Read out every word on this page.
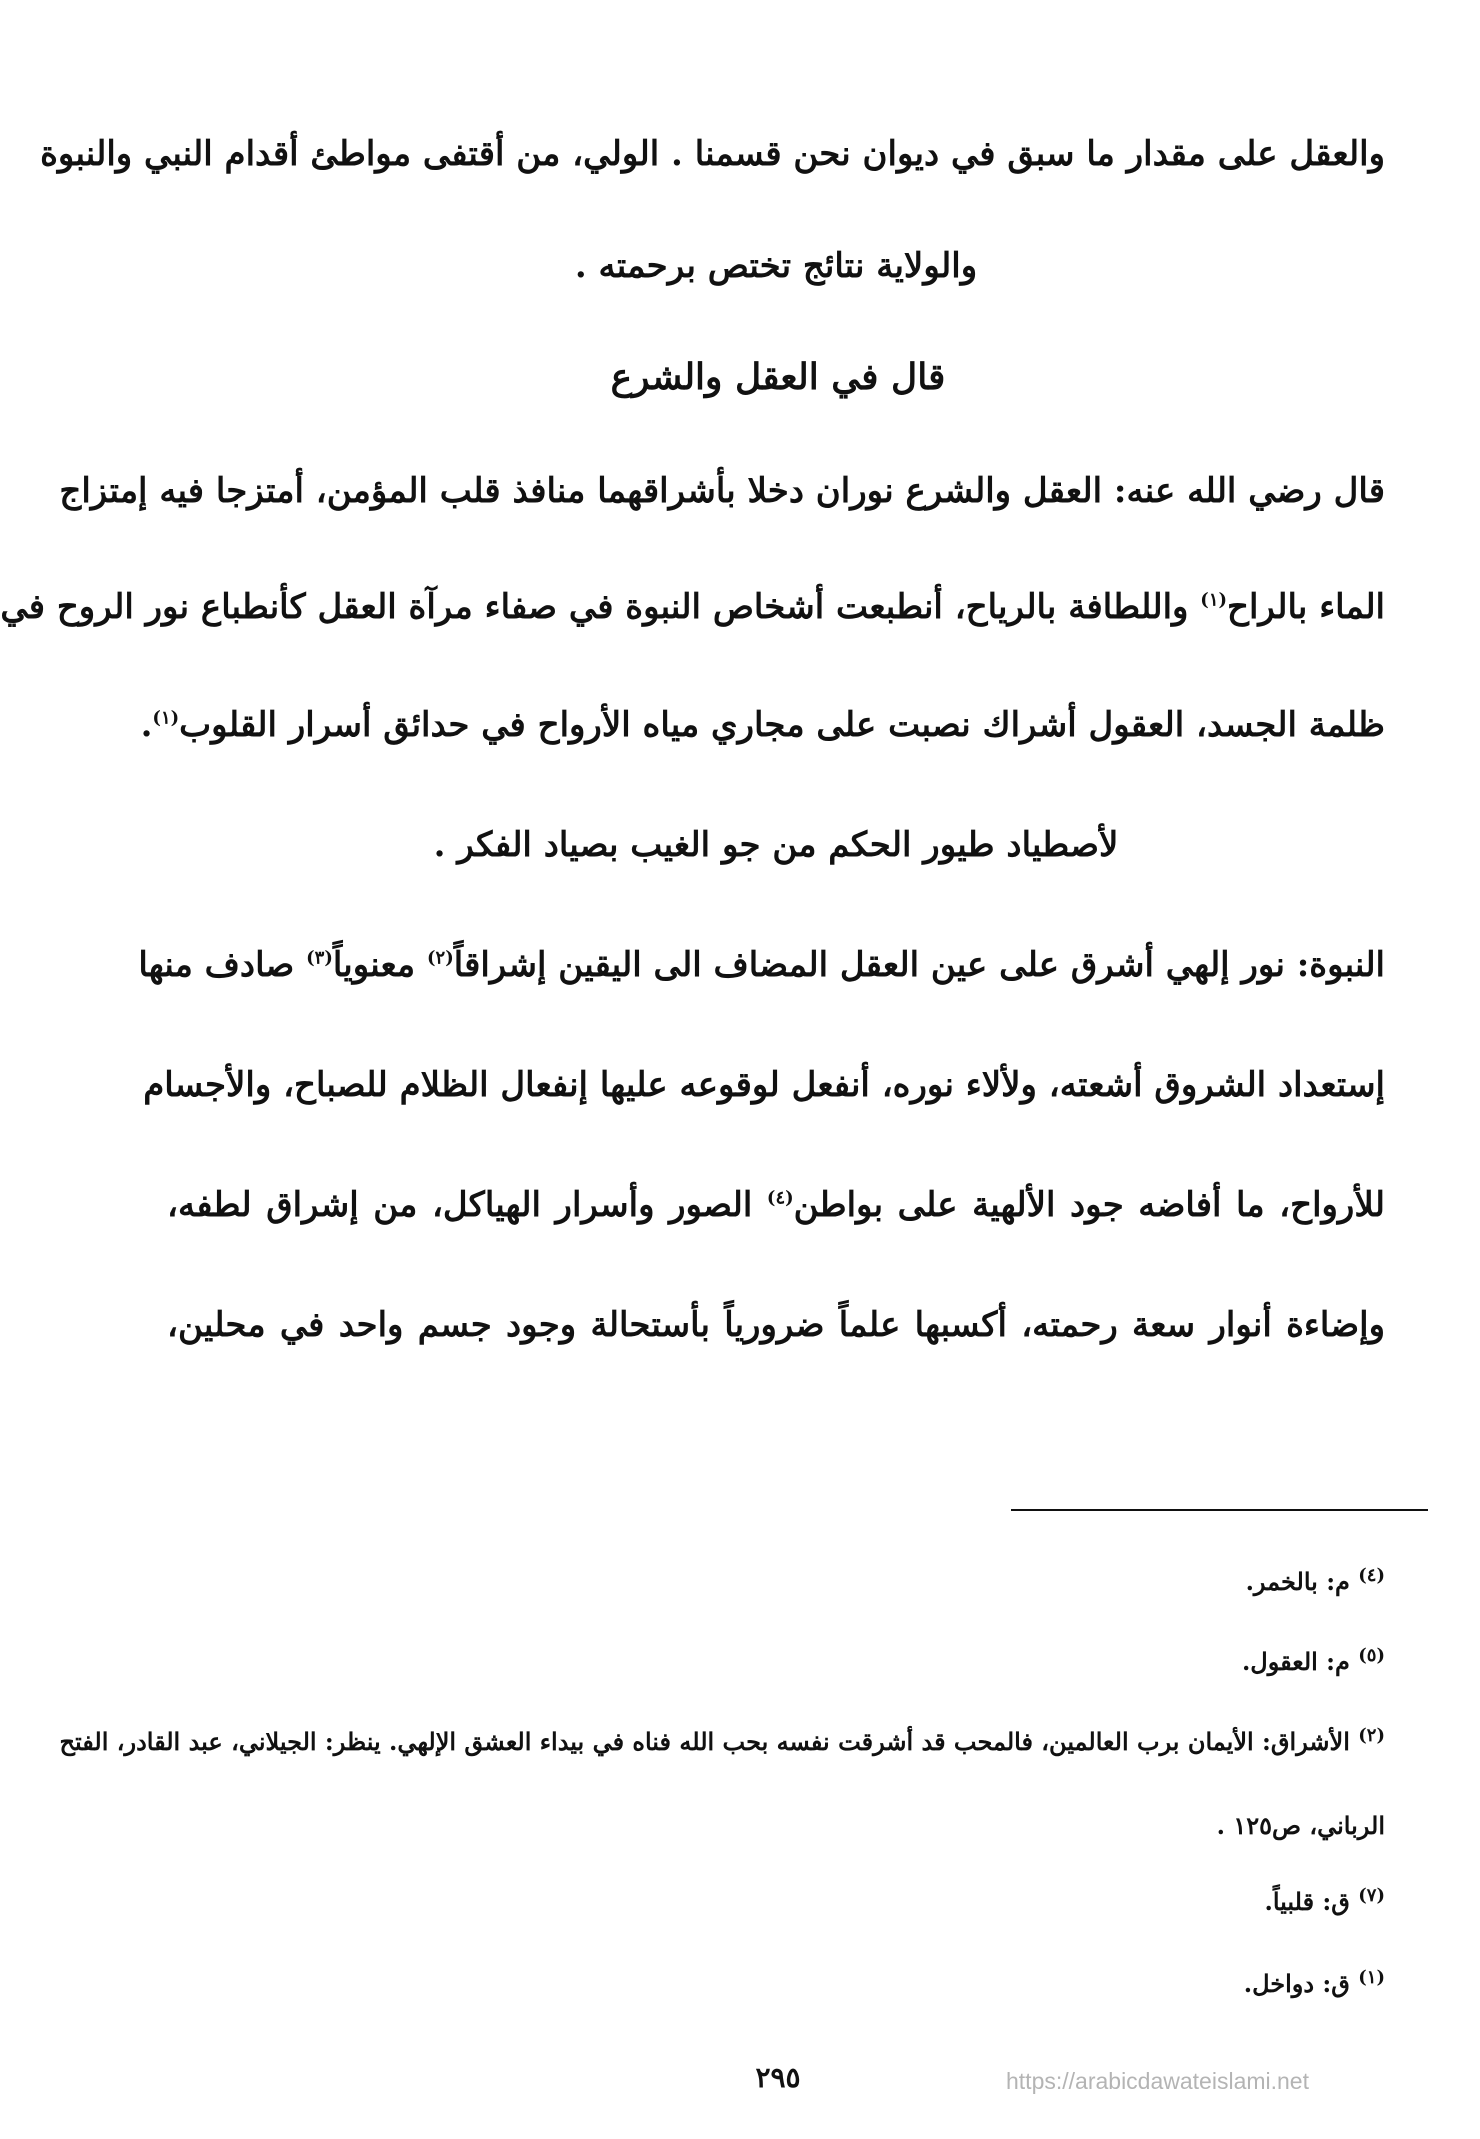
والعقل على مقدار ما سبق في ديوان نحن قسمنا . الولي، من أقتفى مواطئ أقدام النبي والنبوة
والولاية نتائج تختص برحمته .
قال في العقل والشرع
قال رضي الله عنه: العقل والشرع نوران دخلا بأشراقهما منافذ قلب المؤمن، أمتزجا فيه إمتزاج
الماء بالراح$^{(١)}$ واللطافة بالرياح، أنطبعت أشخاص النبوة في صفاء مرآة العقل كأنطباع نور الروح في
ظلمة الجسد، العقول أشراك نصبت على مجاري مياه الأرواح في حدائق أسرار القلوب$^{(١)}$.
لأصطياد طيور الحكم من جو الغيب بصياد الفكر .
النبوة: نور إلهي أشرق على عين العقل المضاف الى اليقين إشراقاً$^{(٢)}$ معنوياً$^{(٣)}$ صادف منها
إستعداد الشروق أشعته، ولألاء نوره، أنفعل لوقوعه عليها إنفعال الظلام للصباح، والأجسام
للأرواح، ما أفاضه جود الألهية على بواطن$^{(٤)}$ الصور وأسرار الهياكل، من إشراق لطفه،
وإضاءة أنوار سعة رحمته، أكسبها علماً ضرورياً بأستحالة وجود جسم واحد في محلين،
$^{(٤)}$ م: بالخمر.
$^{(٥)}$ م: العقول.
$^{(٢)}$ الأشراق: الأيمان برب العالمين، فالمحب قد أشرقت نفسه بحب الله فناه في بيداء العشق الإلهي. ينظر: الجيلاني، عبد القادر، الفتح
الرباني، ص١٢٥ .
$^{(٧)}$ ق: قلبياً.
$^{(١)}$ ق: دواخل.
٢٩٥	https://arabicdawateislami.net
